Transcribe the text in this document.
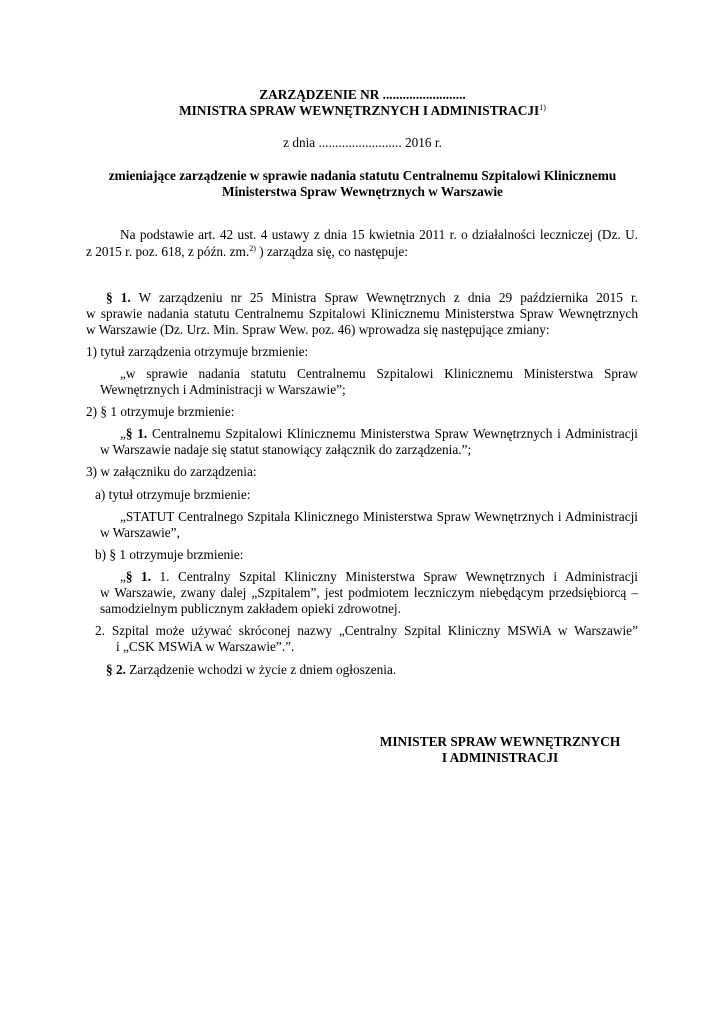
ZARZĄDZENIE NR .........................
MINISTRA SPRAW WEWNĘTRZNYCH I ADMINISTRACJI$^{1)}$
z dnia ......................... 2016 r.
zmieniające zarządzenie w sprawie nadania statutu Centralnemu Szpitalowi Klinicznemu
Ministerstwa Spraw Wewnętrznych w Warszawie
Na podstawie art. 42 ust. 4 ustawy z dnia 15 kwietnia 2011 r. o działalności leczniczej (Dz. U.
z 2015 r. poz. 618, z późn. zm.$^{2)}$ ) zarządza się, co następuje:
§ 1. W zarządzeniu nr 25 Ministra Spraw Wewnętrznych z dnia 29 października 2015 r.
w sprawie nadania statutu Centralnemu Szpitalowi Klinicznemu Ministerstwa Spraw Wewnętrznych
w Warszawie (Dz. Urz. Min. Spraw Wew. poz. 46) wprowadza się następujące zmiany:
1) tytuł zarządzenia otrzymuje brzmienie:
„w sprawie nadania statutu Centralnemu Szpitalowi Klinicznemu Ministerstwa Spraw
Wewnętrznych i Administracji w Warszawie”;
2) § 1 otrzymuje brzmienie:
„§ 1. Centralnemu Szpitalowi Klinicznemu Ministerstwa Spraw Wewnętrznych i Administracji
w Warszawie nadaje się statut stanowiący załącznik do zarządzenia.”;
3) w załączniku do zarządzenia:
a) tytuł otrzymuje brzmienie:
„STATUT Centralnego Szpitala Klinicznego Ministerstwa Spraw Wewnętrznych i Administracji
w Warszawie”,
b) § 1 otrzymuje brzmienie:
„§ 1. 1. Centralny Szpital Kliniczny Ministerstwa Spraw Wewnętrznych i Administracji
w Warszawie, zwany dalej „Szpitalem”, jest podmiotem leczniczym niebędącym przedsiębiorcą –
samodzielnym publicznym zakładem opieki zdrowotnej.
2. Szpital może używać skróconej nazwy „Centralny Szpital Kliniczny MSWiA w Warszawie”
i „CSK MSWiA w Warszawie”.”.
§ 2. Zarządzenie wchodzi w życie z dniem ogłoszenia.
MINISTER SPRAW WEWNĘTRZNYCH
I ADMINISTRACJI
